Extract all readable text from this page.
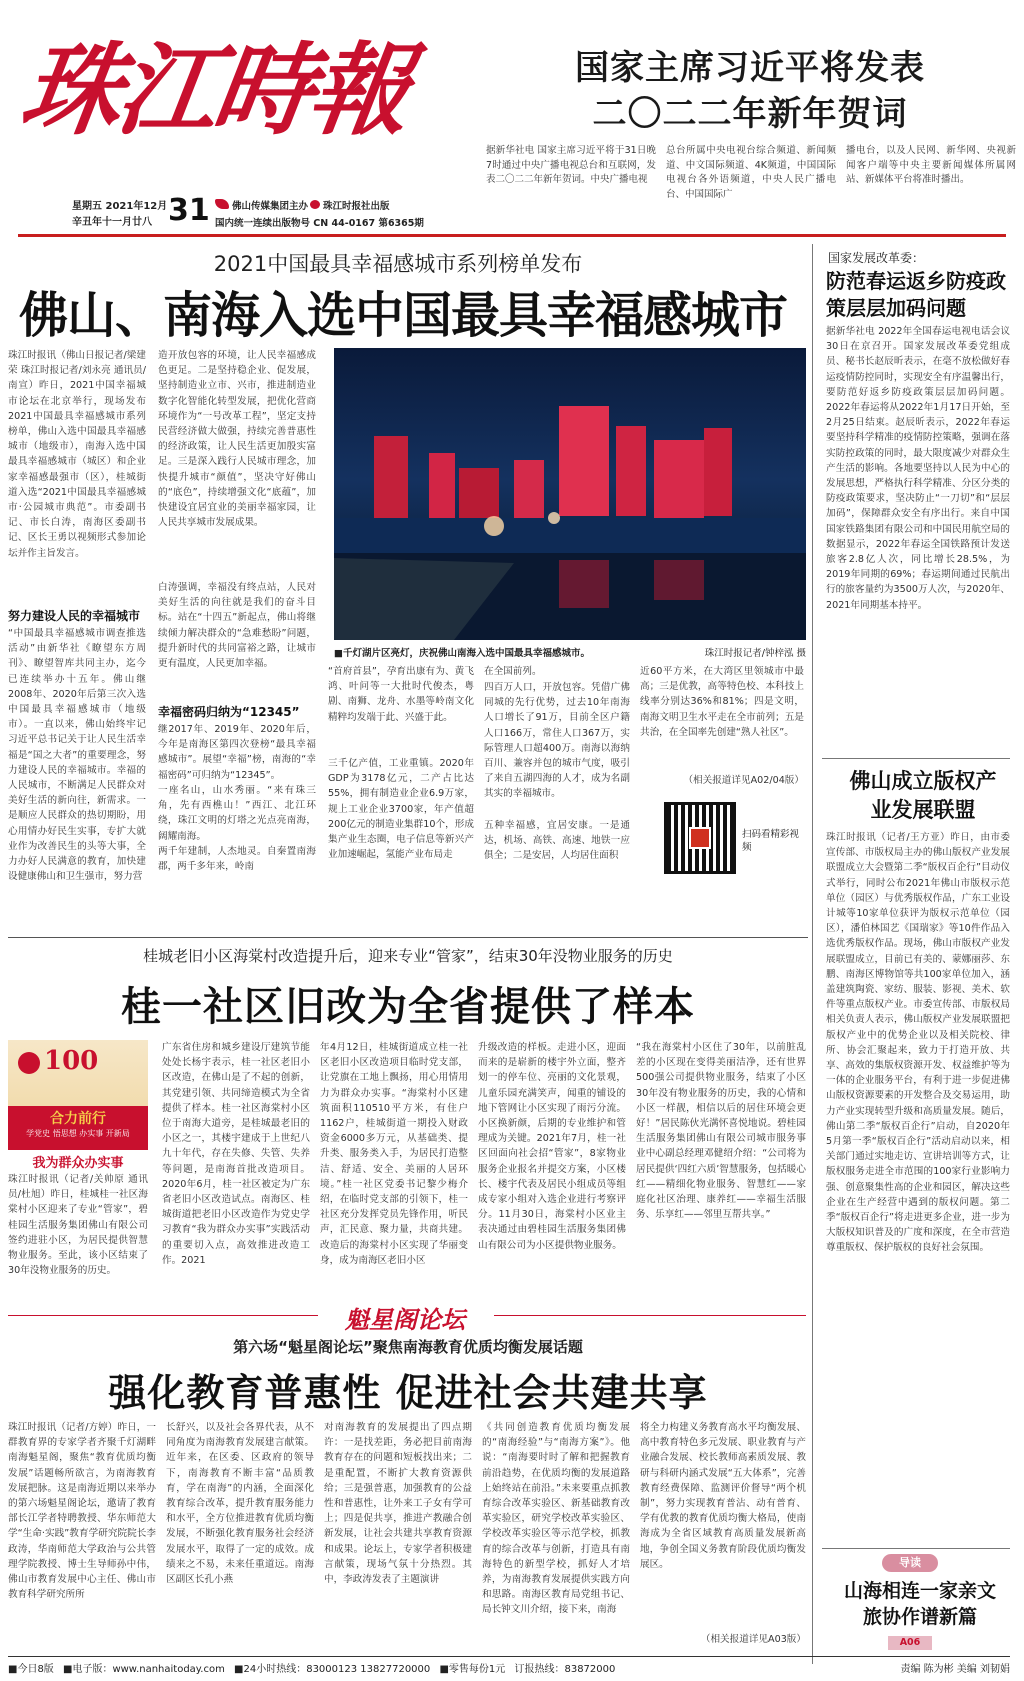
珠江時報	国家主席习近平将发表
二〇二二年新年贺词
据新华社电 国家主席习近平将于31日晚7时通过中央广播电视总台和互联网，发表二〇二二年新年贺词。中央广播电视
总台所属中央电视台综合频道、新闻频道、中文国际频道、4K频道，中国国际电视台各外语频道，中央人民广播电台、中国国际广
播电台，以及人民网、新华网、央视新闻客户端等中央主要新闻媒体所属网站、新媒体平台将准时播出。
星期五 2021年12月
辛丑年十一月廿八 31 佛山传媒集团主办 珠江时报社出版
国内统一连续出版物号 CN 44-0167 第6365期
2021中国最具幸福感城市系列榜单发布
佛山、南海入选中国最具幸福感城市
珠江时报讯（佛山日报记者/梁建荣 珠江时报记者/刘永亮 通讯员/南宣）昨日，2021中国幸福城市论坛在北京举行，现场发布2021中国最具幸福感城市系列榜单，佛山入选中国最具幸福感城市（地级市），南海入选中国最具幸福感城市（城区）和企业家幸福感最强市（区），桂城街道入选“2021中国最具幸福感城市·公园城市典范”。市委副书记、市长白涛，南海区委副书记、区长王勇以视频形式参加论坛并作主旨发言。
努力建设人民的幸福城市
“中国最具幸福感城市调查推选活动”由新华社《瞭望东方周刊》、瞭望智库共同主办，迄今已连续举办十五年。佛山继2008年、2020年后第三次入选中国最具幸福感城市（地级市）。一直以来，佛山始终牢记习近平总书记关于让人民生活幸福是“国之大者”的重要理念，努力建设人民的幸福城市。幸福的人民城市，不断满足人民群众对美好生活的新向往，新需求。一是顺应人民群众的热切期盼，用心用情办好民生实事，专扩大就业作为改善民生的头等大事，全力办好人民满意的教育，加快建设健康佛山和卫生强市，努力营
造开放包容的环境，让人民幸福感成色更足。二是坚持稳企业、促发展，坚持制造业立市、兴市，推进制造业数字化智能化转型发展，把优化营商环境作为“一号改革工程”，坚定支持民营经济做大做强，持续完善普惠性的经济政策，让人民生活更加殷实富足。三是深入践行人民城市理念，加快提升城市“颜值”，坚决守好佛山的“底色”，持续增强文化“底蕴”，加快建设宜居宜业的美丽幸福家园，让人民共享城市发展成果。
■千灯湖片区亮灯，庆祝佛山南海入选中国最具幸福感城市。	珠江时报记者/钟梓泓 摄
白涛强调，幸福没有终点站，人民对美好生活的向往就是我们的奋斗目标。站在“十四五”新起点，佛山将继续倾力解决群众的“急难愁盼”问题，提升新时代的共同富裕之路，让城市更有温度，人民更加幸福。
幸福密码归纳为“12345”
继2017年、2019年、2020年后，今年是南海区第四次登榜“最具幸福感城市”。展望“幸福”榜，南海的“幸福密码”可归纳为“12345”。
一座名山，山水秀丽。“来有珠三角，先有西樵山！”西江、北江环绕，珠江文明的灯塔之光点亮南海，阔耀南海。
两千年建制，人杰地灵。自秦置南海郡，两千多年来，岭南
“首府首县”，孕育出康有为、黄飞鸿、叶问等一大批时代俊杰，粤剧、南狮、龙舟、水墨等岭南文化精粹均发端于此、兴盛于此。
三千亿产值，工业重镇。2020年GDP为3178亿元，二产占比达55%，拥有制造业企业6.9万家，规上工业企业3700家，年产值超200亿元的制造业集群10个，形成集产业生态圈，电子信息等新兴产业加速崛起，氢能产业布局走
在全国前列。
四百万人口，开放包容。凭借广佛同城的先行优势，过去10年南海人口增长了91万，目前全区户籍人口166万，常住人口367万，实际管理人口超400万。南海以海纳百川、兼容并包的城市气度，吸引了来自五湖四海的人才，成为名副其实的幸福城市。
五种幸福感，宜居安康。一是通达，机场、高铁、高速、地铁一应俱全；二是安居，人均居住面积
近60平方米，在大湾区里领城市中最高；三是优教，高等特色校、本科技上线率分别达36%和81%；四是文明，南海文明卫生水平走在全市前列；五是共治，在全国率先创建“熟人社区”。
（相关报道详见A02/04版）
扫码看精彩视频
国家发展改革委：
防范春运返乡防疫政策层层加码问题
据新华社电 2022年全国春运电视电话会议30日在京召开。国家发展改革委党组成员、秘书长赵辰昕表示，在毫不放松做好春运疫情防控同时，实现安全有序温馨出行，要防范好返乡防疫政策层层加码问题。2022年春运将从2022年1月17日开始，至2月25日结束。赵辰昕表示，2022年春运要坚持科学精准的疫情防控策略，强调在落实防控政策的同时，最大限度减少对群众生产生活的影响。各地要坚持以人民为中心的发展思想，严格执行科学精准、分区分类的防疫政策要求，坚决防止“一刀切”和“层层加码”，保障群众安全有序出行。来自中国国家铁路集团有限公司和中国民用航空局的数据显示，2022年春运全国铁路预计发送旅客2.8亿人次，同比增长28.5%，为2019年同期的69%；春运期间通过民航出行的旅客量约为3500万人次，与2020年、2021年同期基本持平。
佛山成立版权产业发展联盟
珠江时报讯（记者/王方亚）昨日，由市委宣传部、市版权局主办的佛山版权产业发展联盟成立大会暨第二季“版权百企行”目动仪式举行，同时公布2021年佛山市版权示范单位（园区）与优秀版权作品，广东工业设计城等10家单位获评为版权示范单位（园区），潘伯林国艺《国瑞家》等10件作品入选优秀版权作品。现场，佛山市版权产业发展联盟成立，目前已有美的、蒙娜丽莎、东鹏、南海区博物馆等共100家单位加入，涵盖建筑陶瓷、家纺、服装、影视、美术、软件等重点版权产业。市委宣传部、市版权局相关负责人表示，佛山版权产业发展联盟把版权产业中的优势企业以及相关院校、律所、协会汇聚起来，致力于打造开放、共享、高效的集版权资源开发、权益维护等为一体的企业服务平台，有利于进一步促进佛山版权资源要素的开发整合及交易运用，助力产业实现转型升级和高质量发展。随后，佛山第二季“版权百企行”启动，自2020年5月第一季“版权百企行”活动启动以来，相关部门通过实地走访、宣讲培训等方式，让版权服务走进全市范围的100家行业影响力强、创意聚集性高的企业和园区，解决这些企业在生产经营中遇到的版权问题。第二季“版权百企行”将走进更多企业，进一步为大版权知识普及的广度和深度，在全市营造尊重版权、保护版权的良好社会氛围。
导读
山海相连一家亲文旅协作谱新篇
A06
桂城老旧小区海棠村改造提升后，迎来专业“管家”，结束30年没物业服务的历史
桂一社区旧改为全省提供了样本
100
合力前行
学党史 悟思想 办实事 开新局
我为群众办实事
珠江时报讯（记者/关帅原 通讯员/杜旭）昨日，桂城桂一社区海棠村小区迎来了专业“管家”，碧桂园生活服务集团佛山有限公司签约进驻小区，为居民提供智慧物业服务。至此，该小区结束了30年没物业服务的历史。
广东省住房和城乡建设厅建筑节能处处长杨宇表示，桂一社区老旧小区改造，在佛山是了不起的创新，其党建引领、共同缔造模式为全省提供了样本。桂一社区海棠村小区位于南海大道旁，是桂城最老旧的小区之一，其楼宇建成于上世纪八九十年代，存在失修、失管、失养等问题，是南海首批改造项目。2020年6月，桂一社区被定为广东省老旧小区改造试点。南海区、桂城街道把老旧小区改造作为党史学习教育“我为群众办实事”实践活动的重要切入点，高效推进改造工作。2021
年4月12日，桂城街道成立桂一社区老旧小区改造项目临时党支部，让党旗在工地上飘扬，用心用情用力为群众办实事。“海棠村小区建筑面积110510平方米，有住户1162户，桂城街道一期投入财政资金6000多万元，从基础类、提升类、服务类入手，为居民打造整洁、舒适、安全、美丽的人居环境。”桂一社区党委书记黎少梅介绍，在临时党支部的引领下，桂一社区充分发挥党员先锋作用，听民声，汇民意、聚力量，共商共建。改造后的海棠村小区实现了华丽变身，成为南海区老旧小区
升级改造的样板。走进小区，迎面而来的是崭新的楼宇外立面，整齐划一的停车位、亮丽的文化景观，儿童乐园充满笑声，闻重的铺设的地下管网让小区实现了雨污分流。小区换新颜，后期的专业维护和管理成为关键。2021年7月，桂一社区回面向社会招“管家”，8家物业服务企业报名并提交方案，小区楼长、楼宇代表及居民小组成员等组成专家小组对入选企业进行考察评分。11月30日，海棠村小区业主表决通过由碧桂园生活服务集团佛山有限公司为小区提供物业服务。
“我在海棠村小区住了30年，以前脏乱差的小区现在变得美丽洁净，还有世界500强公司提供物业服务，结束了小区30年没有物业服务的历史，我的心情和小区一样靓，相信以后的居住环境会更好！”居民陈伙光满怀喜悦地说。碧桂园生活服务集团佛山有限公司城市服务事业中心副总经理邓健绍介绍：“公司将为居民提供‘四红六质’智慧服务，包括暖心红——精细化物业服务、智慧红——家庭化社区治理、康养红——幸福生活服务、乐享红——邻里互帮共享。”
魁星阁论坛
第六场“魁星阁论坛”聚焦南海教育优质均衡发展话题
强化教育普惠性 促进社会共建共享
珠江时报讯（记者/方婷）昨日，一群教育界的专家学者齐聚千灯湖畔南海魁星阁，聚焦“教育优质均衡发展”话题畅所欲言，为南海教育发展把脉。这是南海近期以来举办的第六场魁星阁论坛，邀请了教育部长江学者特聘教授、华东师范大学“生命·实践”教育学研究院院长李政涛，华南师范大学政治与公共管理学院教授、博士生导师孙中伟，佛山市教育发展中心主任、佛山市教育科学研究所所
长舒兴，以及社会各界代表，从不同角度为南海教育发展建言献策。近年来，在区委、区政府的领导下，南海教育不断丰富“品质教育，学在南海”的内涵，全面深化教育综合改革，提升教育服务能力和水平，全方位推进教育优质均衡发展，不断强化教育服务社会经济发展水平，取得了一定的成效。成绩来之不易，未来任重道远。南海区副区长孔小燕
对南海教育的发展提出了四点期许：一是找差距，务必把目前南海教育存在的问题和短板找出来；二是重配置，不断扩大教育资源供给；三是强普惠，加强教育的公益性和普惠性，让外来工子女有学可上；四是促共享，推进产教融合创新发展，让社会共建共享教育资源和成果。论坛上，专家学者积极建言献策，现场气氛十分热烈。其中，李政涛发表了主题演讲
《共同创造教育优质均衡发展的“南海经验”与“南海方案”》。他说：“南海要时时了解和把握教育前沿趋势，在优质均衡的发展道路上始终站在前沿。”未来要重点抓教育综合改革实验区、新基础教育改革实验区，研究学校改革实验区、学校改革实验区等示范学校，抓教育的综合改革与创新，打造具有南海特色的新型学校，抓好人才培养，为南海教育发展提供实践方向和思路。南海区教育局党组书记、局长钟文川介绍，接下来，南海
将全力构建义务教育高水平均衡发展、高中教育特色多元发展、职业教育与产业融合发展、校长教师高素质发展、教研与科研内涵式发展“五大体系”，完善教育经费保障、监测评价督导“两个机制”，努力实现教育普沾、动有普育、学有优教的教育优质均衡大格局，使南海成为全省区域教育高质量发展新高地，争创全国义务教育阶段优质均衡发展区。
（相关报道详见A03版）
■今日8版 ■电子版：www.nanhaitoday.com ■24小时热线：83000123 13827720000 ■零售每份1元 订报热线：83872000	责编 陈为彬 美编 刘韧娟
